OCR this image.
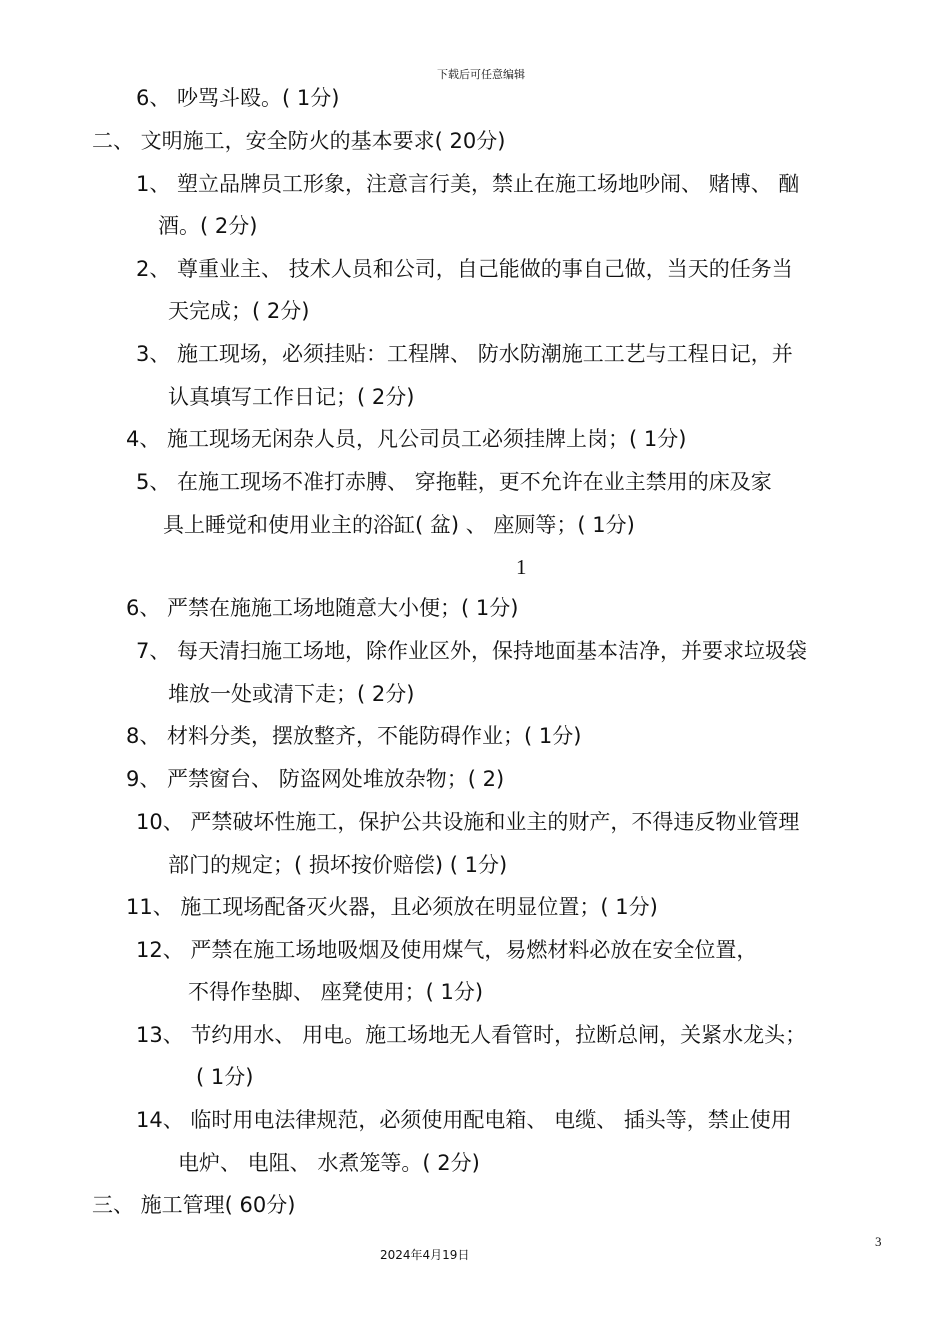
下载后可任意编辑
6、 吵骂斗殴。( 1分)
二、 文明施工，安全防火的基本要求( 20分)
1、 塑立品牌员工形象，注意言行美，禁止在施工场地吵闹、 赌博、 酗
酒。( 2分)
2、 尊重业主、 技术人员和公司，自己能做的事自己做，当天的任务当
天完成；( 2分)
3、 施工现场，必须挂贴：工程牌、 防水防潮施工工艺与工程日记，并
认真填写工作日记；( 2分)
4、 施工现场无闲杂人员，凡公司员工必须挂牌上岗；( 1分)
5、 在施工现场不准打赤膊、 穿拖鞋，更不允许在业主禁用的床及家
具上睡觉和使用业主的浴缸( 盆) 、 座厕等；( 1分)
1
6、 严禁在施施工场地随意大小便；( 1分)
7、 每天清扫施工场地，除作业区外，保持地面基本洁净，并要求垃圾袋
堆放一处或清下走；( 2分)
8、 材料分类，摆放整齐，不能防碍作业；( 1分)
9、 严禁窗台、 防盗网处堆放杂物；( 2)
10、 严禁破坏性施工，保护公共设施和业主的财产，不得违反物业管理
部门的规定；( 损坏按价赔偿) ( 1分)
11、 施工现场配备灭火器，且必须放在明显位置；( 1分)
12、 严禁在施工场地吸烟及使用煤气，易燃材料必放在安全位置，
不得作垫脚、 座凳使用；( 1分)
13、 节约用水、 用电。施工场地无人看管时，拉断总闸，关紧水龙头；
( 1分)
14、 临时用电法律规范，必须使用配电箱、 电缆、 插头等，禁止使用
电炉、 电阻、 水煮笼等。( 2分)
三、 施工管理( 60分)
3
2024年4月19日
